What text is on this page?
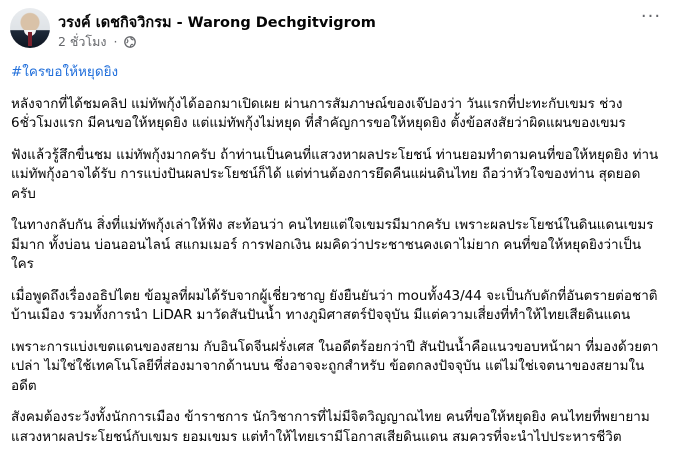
วรงค์ เดชกิจวิกรม - Warong Dechgitvigrom
2 ชั่วโมง ·
···
#ใครขอให้หยุดยิง

หลังจากที่ได้ชมคลิป แม่ทัพกุ้งได้ออกมาเปิดเผย ผ่านการสัมภาษณ์ของเจ๊ปองว่า วันแรกที่ปะทะกับเขมร ช่วง 6ชั่วโมงแรก มีคนขอให้หยุดยิง แต่แม่ทัพกุ้งไม่หยุด ที่สำคัญการขอให้หยุดยิง ตั้งข้อสงสัยว่าผิดแผนของเขมร

ฟังแล้วรู้สึกขื่นชม แม่ทัพกุ้งมากครับ ถ้าท่านเป็นคนที่แสวงหาผลประโยชน์ ท่านยอมทำตามคนที่ขอให้หยุดยิง ท่านแม่ทัพกุ้งอาจได้รับ การแบ่งปันผลประโยชน์ก็ได้ แต่ท่านต้องการยึดคืนแผ่นดินไทย ถือว่าหัวใจของท่าน สุดยอดครับ

ในทางกลับกัน สิ่งที่แม่ทัพกุ้งเล่าให้ฟัง สะท้อนว่า คนไทยแต่ใจเขมรมีมากครับ เพราะผลประโยชน์ในดินแดนเขมรมีมาก ทั้งบ่อน บ่อนออนไลน์ สแกมเมอร์ การฟอกเงิน ผมคิดว่าประชาชนคงเดาไม่ยาก คนที่ขอให้หยุดยิงว่าเป็นใคร

เมื่อพูดถึงเรื่องอธิปไตย ข้อมูลที่ผมได้รับจากผู้เชี่ยวชาญ ยังยืนยันว่า mouทั้ง43/44 จะเป็นกับดักที่อันตรายต่อชาติบ้านเมือง รวมทั้งการนำ LiDAR มาวัดสันปันน้ำ ทางภูมิศาสตร์ปัจจุบัน มีแต่ความเสี่ยงที่ทำให้ไทยเสียดินแดน

เพราะการแบ่งเขตแดนของสยาม กับอินโดจีนฝรั่งเศส ในอดีตร้อยกว่าปี สันปันน้ำคือแนวขอบหน้าผา ที่มองด้วยตาเปล่า ไม่ใช่ใช้เทคโนโลยีที่ส่องมาจากด้านบน ซึ่งอาจจะถูกสำหรับ ข้อตกลงปัจจุบัน แต่ไม่ใช่เจตนาของสยามในอดีต

สังคมต้องระวังทั้งนักการเมือง ข้าราชการ นักวิชาการที่ไม่มีจิตวิญญาณไทย คนที่ขอให้หยุดยิง คนไทยที่พยายามแสวงหาผลประโยชน์กับเขมร ยอมเขมร แต่ทำให้ไทยเรามีโอกาสเสียดินแดน สมควรที่จะนำไปประหารชีวิต
